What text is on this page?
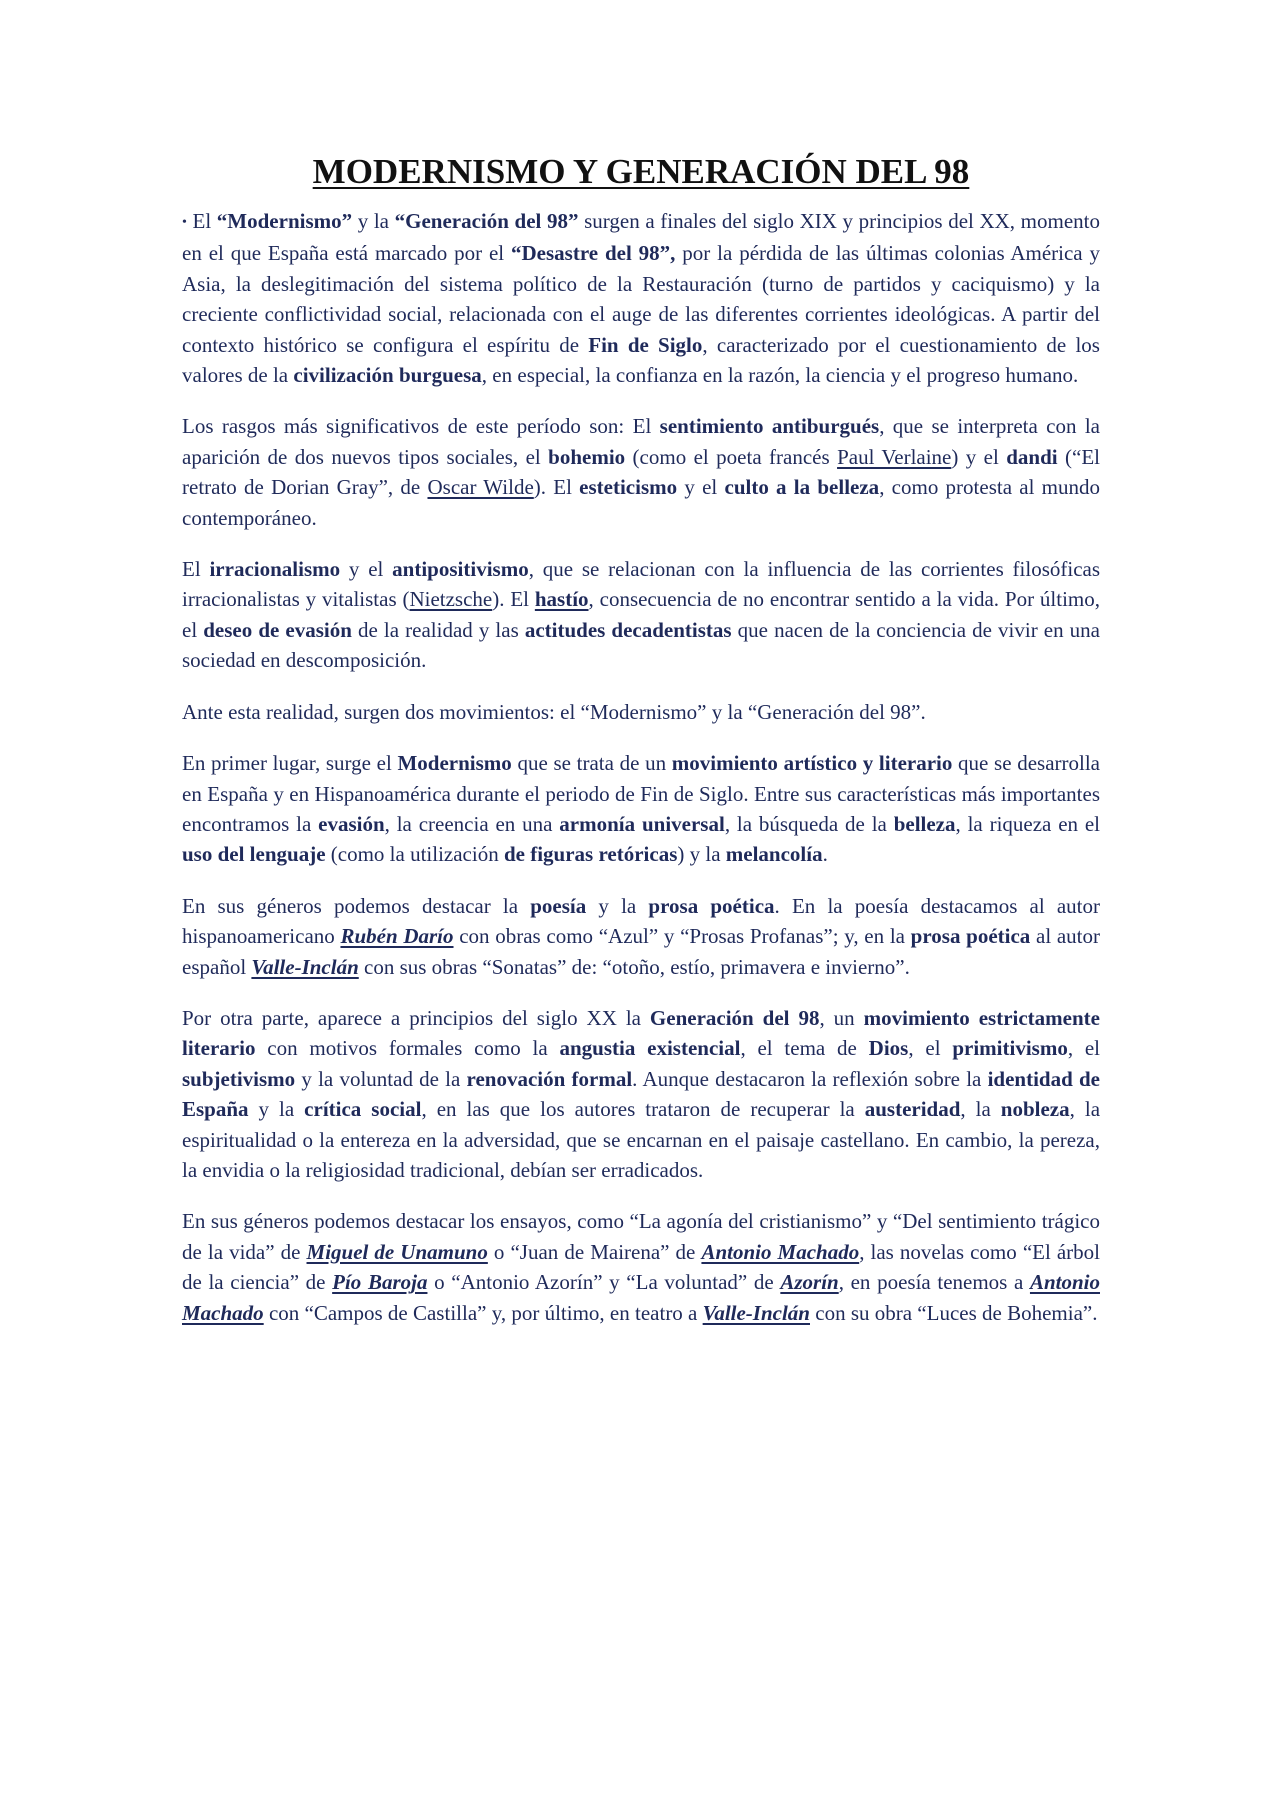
MODERNISMO Y GENERACIÓN DEL 98

• El “Modernismo” y la “Generación del 98” surgen a finales del siglo XIX y principios del XX, momento en el que España está marcado por el “Desastre del 98”, por la pérdida de las últimas colonias América y Asia, la deslegitimación del sistema político de la Restauración (turno de partidos y caciquismo) y la creciente conflictividad social, relacionada con el auge de las diferentes corrientes ideológicas. A partir del contexto histórico se configura el espíritu de Fin de Siglo, caracterizado por el cuestionamiento de los valores de la civilización burguesa, en especial, la confianza en la razón, la ciencia y el progreso humano.

Los rasgos más significativos de este período son: El sentimiento antiburgués, que se interpreta con la aparición de dos nuevos tipos sociales, el bohemio (como el poeta francés Paul Verlaine) y el dandi (“El retrato de Dorian Gray”, de Oscar Wilde). El esteticismo y el culto a la belleza, como protesta al mundo contemporáneo.

El irracionalismo y el antipositivismo, que se relacionan con la influencia de las corrientes filosóficas irracionalistas y vitalistas (Nietzsche). El hastío, consecuencia de no encontrar sentido a la vida. Por último, el deseo de evasión de la realidad y las actitudes decadentistas que nacen de la conciencia de vivir en una sociedad en descomposición.

Ante esta realidad, surgen dos movimientos: el “Modernismo” y la “Generación del 98”.

En primer lugar, surge el Modernismo que se trata de un movimiento artístico y literario que se desarrolla en España y en Hispanoamérica durante el periodo de Fin de Siglo. Entre sus características más importantes encontramos la evasión, la creencia en una armonía universal, la búsqueda de la belleza, la riqueza en el uso del lenguaje (como la utilización de figuras retóricas) y la melancolía.

En sus géneros podemos destacar la poesía y la prosa poética. En la poesía destacamos al autor hispanoamericano Rubén Darío con obras como “Azul” y “Prosas Profanas”; y, en la prosa poética al autor español Valle-Inclán con sus obras “Sonatas” de: “otoño, estío, primavera e invierno”.

Por otra parte, aparece a principios del siglo XX la Generación del 98, un movimiento estrictamente literario con motivos formales como la angustia existencial, el tema de Dios, el primitivismo, el subjetivismo y la voluntad de la renovación formal. Aunque destacaron la reflexión sobre la identidad de España y la crítica social, en las que los autores trataron de recuperar la austeridad, la nobleza, la espiritualidad o la entereza en la adversidad, que se encarnan en el paisaje castellano. En cambio, la pereza, la envidia o la religiosidad tradicional, debían ser erradicados.

En sus géneros podemos destacar los ensayos, como “La agonía del cristianismo” y “Del sentimiento trágico de la vida” de Miguel de Unamuno o “Juan de Mairena” de Antonio Machado, las novelas como “El árbol de la ciencia” de Pío Baroja o “Antonio Azorín” y “La voluntad” de Azorín, en poesía tenemos a Antonio Machado con “Campos de Castilla” y, por último, en teatro a Valle-Inclán con su obra “Luces de Bohemia”.
